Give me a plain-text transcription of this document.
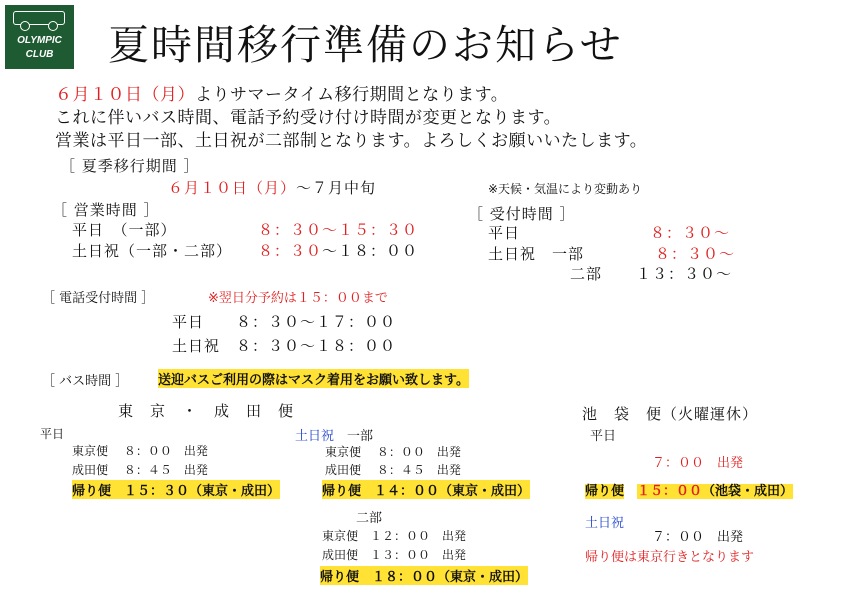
OLYMPIC
CLUB	夏時間移行準備のお知らせ
６月１０日（月）よりサマータイム移行期間となります。
これに伴いバス時間、電話予約受け付け時間が変更となります。
営業は平日一部、土日祝が二部制となります。よろしくお願いいたします。
［ 夏季移行期間 ］
６月１０日（月）～７月中旬	※天候・気温により変動あり
［ 営業時間 ］
平日　（一部）	８：３０～１５：３０
土日祝（一部・二部） ８：３０～１８：００
［ 受付時間 ］
平日	８：３０～
土日祝　一部	８：３０～
二部 １３：３０～
［ 電話受付時間 ］	※翌日分予約は１５：００まで
平日　　８：３０～１７：００
土日祝　８：３０～１８：００
［ バス時間 ］ 送迎バスご利用の際はマスク着用をお願い致します。
東　京　・　成　田　便
平日
東京便　 ８：００　出発
成田便　 ８：４５　出発
帰り便　１５：３０（東京・成田）
土日祝　 一部
東京便　 ８：００　出発
成田便　 ８：４５　出発
帰り便　１４：００（東京・成田）
二部
東京便　１２：００　出発
成田便　１３：００　出発
帰り便　１８：００（東京・成田）
池　袋　便（火曜運休）
平日
７：００　出発
帰り便　 １５：００（池袋・成田）
土日祝
７：００　出発
帰り便は東京行きとなります
